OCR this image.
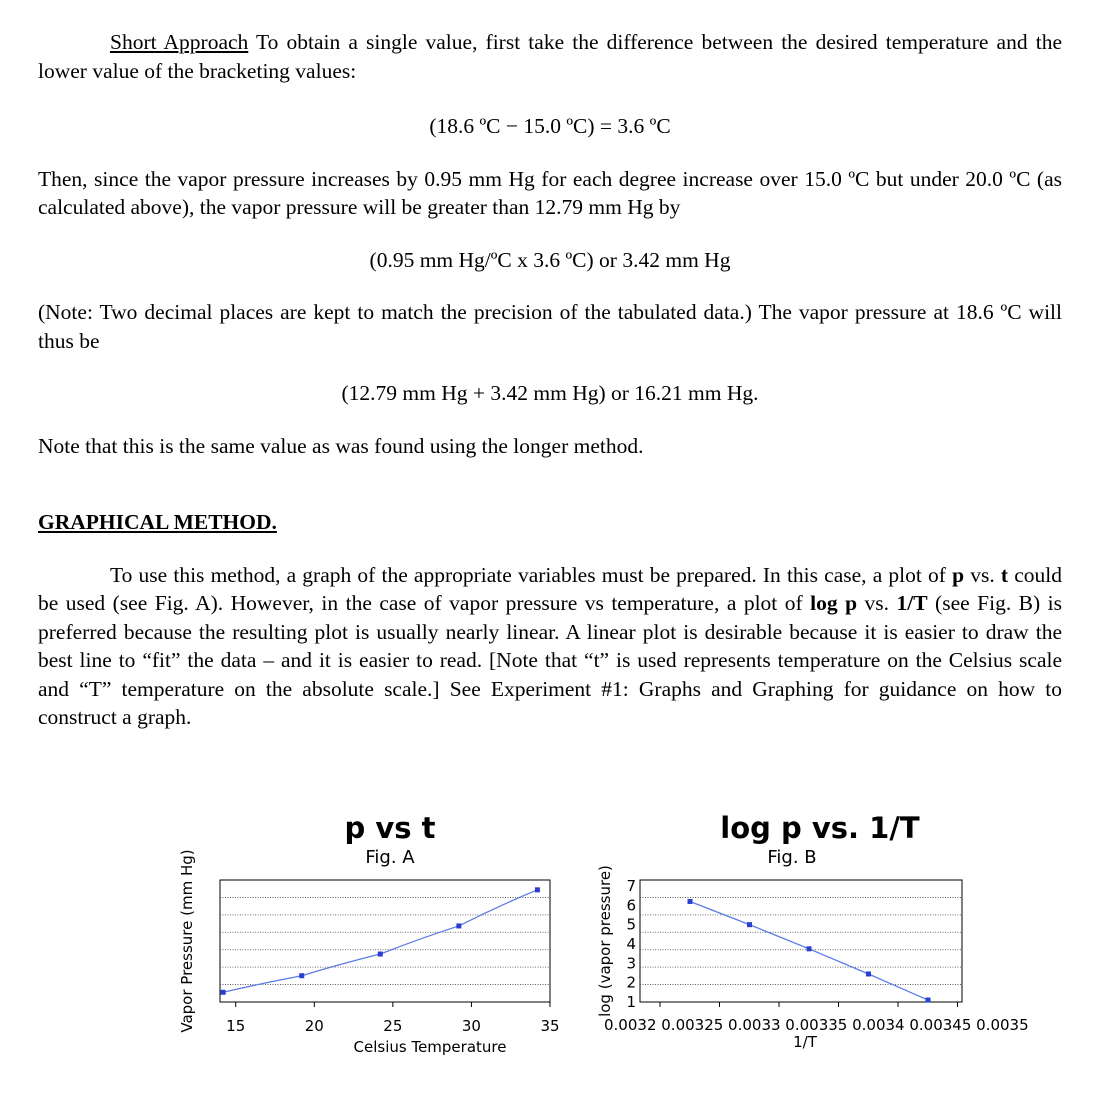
Short Approach To obtain a single value, first take the difference between the desired temperature and the lower value of the bracketing values:

(18.6 ºC − 15.0 ºC) = 3.6 ºC

Then, since the vapor pressure increases by 0.95 mm Hg for each degree increase over 15.0 ºC but under 20.0 ºC (as calculated above), the vapor pressure will be greater than 12.79 mm Hg by

(0.95 mm Hg/ºC x 3.6 ºC) or 3.42 mm Hg

(Note: Two decimal places are kept to match the precision of the tabulated data.) The vapor pressure at 18.6 ºC will thus be

(12.79 mm Hg + 3.42 mm Hg) or 16.21 mm Hg.

Note that this is the same value as was found using the longer method.

GRAPHICAL METHOD.

To use this method, a graph of the appropriate variables must be prepared. In this case, a plot of p vs. t could be used (see Fig. A). However, in the case of vapor pressure vs temperature, a plot of log p vs. 1/T (see Fig. B) is preferred because the resulting plot is usually nearly linear. A linear plot is desirable because it is easier to draw the best line to “fit” the data – and it is easier to read. [Note that “t” is used represents temperature on the Celsius scale and “T” temperature on the absolute scale.] See Experiment #1: Graphs and Graphing for guidance on how to construct a graph.

p vs t
Fig. A
15	20	25	30	35
Vapor Pressure (mm Hg)
Celsius Temperature
log p vs. 1/T
Fig. B
1
2
3
4
5
6
7
log (vapor pressure)
0.0032 0.00325 0.0033 0.00335 0.0034 0.00345 0.0035
1/T
